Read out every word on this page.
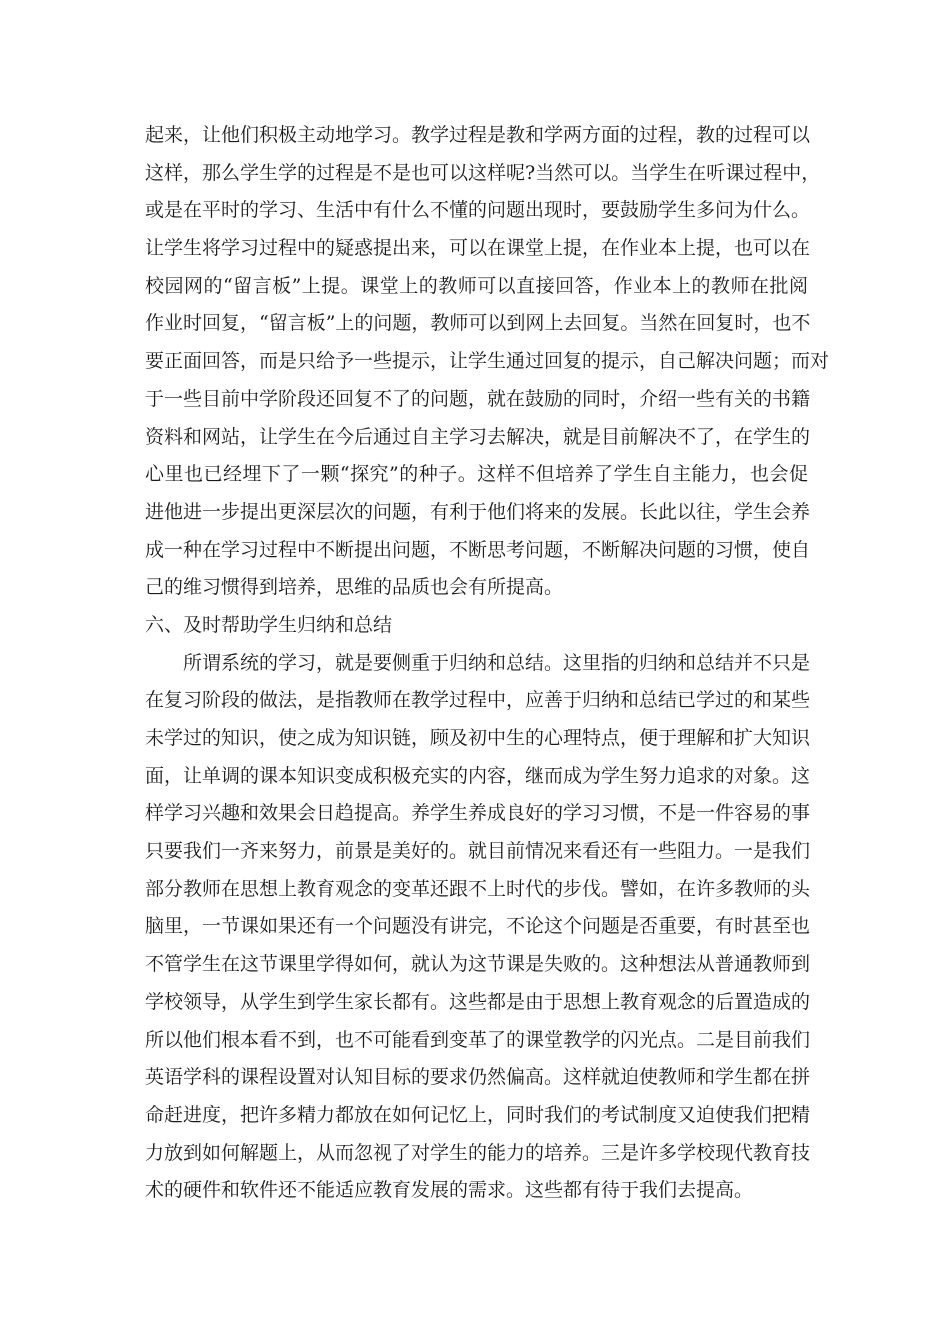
起来，让他们积极主动地学习。教学过程是教和学两方面的过程，教的过程可以
这样，那么学生学的过程是不是也可以这样呢?当然可以。当学生在听课过程中，
或是在平时的学习、生活中有什么不懂的问题出现时，要鼓励学生多问为什么。
让学生将学习过程中的疑惑提出来，可以在课堂上提，在作业本上提，也可以在
校园网的“留言板”上提。课堂上的教师可以直接回答，作业本上的教师在批阅
作业时回复，“留言板”上的问题，教师可以到网上去回复。当然在回复时，也不
要正面回答，而是只给予一些提示，让学生通过回复的提示，自己解决问题；而对
于一些目前中学阶段还回复不了的问题，就在鼓励的同时，介绍一些有关的书籍
资料和网站，让学生在今后通过自主学习去解决，就是目前解决不了，在学生的
心里也已经埋下了一颗“探究”的种子。这样不但培养了学生自主能力，也会促
进他进一步提出更深层次的问题，有利于他们将来的发展。长此以往，学生会养
成一种在学习过程中不断提出问题，不断思考问题，不断解决问题的习惯，使自
己的维习惯得到培养，思维的品质也会有所提高。
六、及时帮助学生归纳和总结
所谓系统的学习，就是要侧重于归纳和总结。这里指的归纳和总结并不只是
在复习阶段的做法，是指教师在教学过程中，应善于归纳和总结已学过的和某些
未学过的知识，使之成为知识链，顾及初中生的心理特点，便于理解和扩大知识
面，让单调的课本知识变成积极充实的内容，继而成为学生努力追求的对象。这
样学习兴趣和效果会日趋提高。养学生养成良好的学习习惯，不是一件容易的事
只要我们一齐来努力，前景是美好的。就目前情况来看还有一些阻力。一是我们
部分教师在思想上教育观念的变革还跟不上时代的步伐。譬如，在许多教师的头
脑里，一节课如果还有一个问题没有讲完，不论这个问题是否重要，有时甚至也
不管学生在这节课里学得如何，就认为这节课是失败的。这种想法从普通教师到
学校领导，从学生到学生家长都有。这些都是由于思想上教育观念的后置造成的
所以他们根本看不到，也不可能看到变革了的课堂教学的闪光点。二是目前我们
英语学科的课程设置对认知目标的要求仍然偏高。这样就迫使教师和学生都在拼
命赶进度，把许多精力都放在如何记忆上，同时我们的考试制度又迫使我们把精
力放到如何解题上，从而忽视了对学生的能力的培养。三是许多学校现代教育技
术的硬件和软件还不能适应教育发展的需求。这些都有待于我们去提高。
